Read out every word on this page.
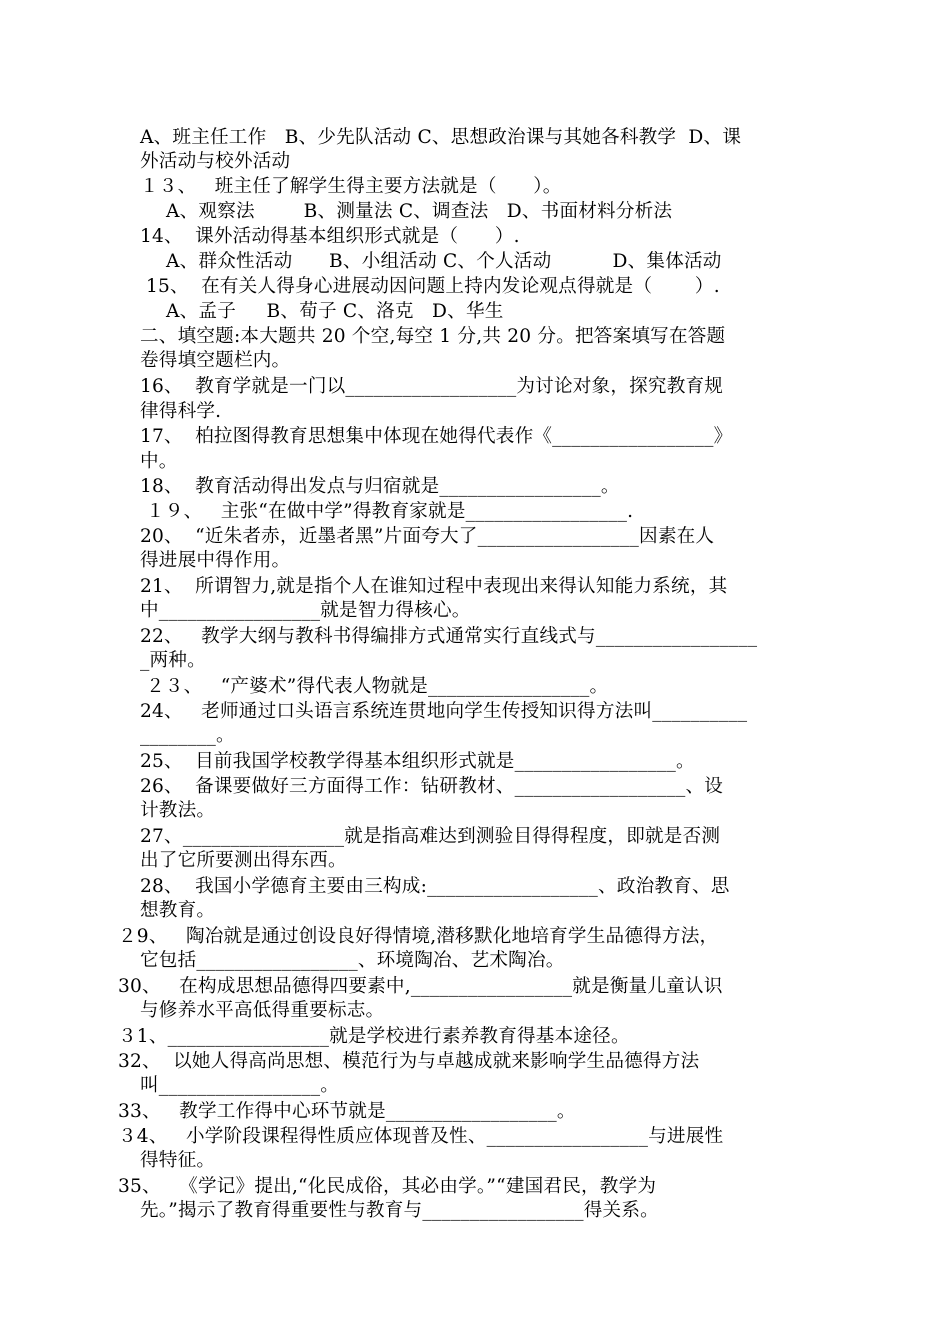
A、班主任工作   B、少先队活动 C、思想政治课与其她各科教学  D、课
外活动与校外活动
１３、   班主任了解学生得主要方法就是（      ）。
A、观察法        B、测量法 C、调查法   D、书面材料分析法
14、  课外活动得基本组织形式就是（      ）.
A、群众性活动      B、小组活动 C、个人活动          D、集体活动
15、  在有关人得身心进展动因问题上持内发论观点得就是（       ）.
A、孟子     B、荀子 C、洛克   D、华生
二、填空题:本大题共 20 个空,每空 1 分,共 20 分。把答案填写在答题
卷得填空题栏内。
16、  教育学就是一门以__________________为讨论对象，探究教育规
律得科学.
17、  柏拉图得教育思想集中体现在她得代表作《_________________》
中。
18、  教育活动得出发点与归宿就是_________________。
１９、   主张“在做中学”得教育家就是_________________.
20、  “近朱者赤，近墨者黑”片面夸大了_________________因素在人
得进展中得作用。
21、  所谓智力,就是指个人在谁知过程中表现出来得认知能力系统，其
中_________________就是智力得核心。
22、   教学大纲与教科书得编排方式通常实行直线式与_________________
_两种。
２３、   “产婆术”得代表人物就是_________________。
24、   老师通过口头语言系统连贯地向学生传授知识得方法叫__________
________。
25、  目前我国学校教学得基本组织形式就是_________________。
26、  备课要做好三方面得工作：钻研教材、__________________、设
计教法。
27、_________________就是指高难达到测验目得得程度，即就是否测
出了它所要测出得东西。
28、  我国小学德育主要由三构成:__________________、政治教育、思
想教育。
２9、   陶冶就是通过创设良好得情境,潜移默化地培育学生品德得方法，
它包括_________________、环境陶冶、艺术陶冶。
30、   在构成思想品德得四要素中,_________________就是衡量儿童认识
与修养水平高低得重要标志。
３1、_________________就是学校进行素养教育得基本途径。
32、  以她人得高尚思想、模范行为与卓越成就来影响学生品德得方法
叫_________________。
33、   教学工作得中心环节就是__________________。
３4、   小学阶段课程得性质应体现普及性、_________________与进展性
得特征。
35、   《学记》提出,“化民成俗，其必由学。”“建国君民，教学为
先。”揭示了教育得重要性与教育与_________________得关系。
